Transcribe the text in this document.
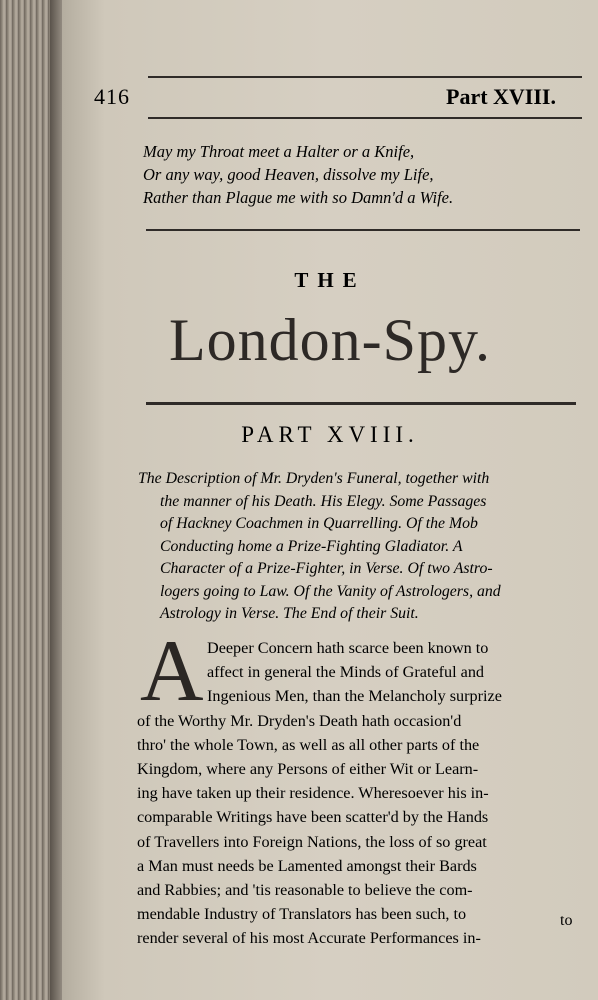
416	Part XVIII.
May my Throat meet a Halter or a Knife,
Or any way, good Heaven, dissolve my Life,
Rather than Plague me with so Damn'd a Wife.
THE
London-Spy.
PART XVIII.
The Description of Mr. Dryden's Funeral, together with
the manner of his Death. His Elegy. Some Passages
of Hackney Coachmen in Quarrelling. Of the Mob
Conducting home a Prize-Fighting Gladiator. A
Character of a Prize-Fighter, in Verse. Of two Astro-
logers going to Law. Of the Vanity of Astrologers, and
Astrology in Verse. The End of their Suit.
A Deeper Concern hath scarce been known to
affect in general the Minds of Grateful and
Ingenious Men, than the Melancholy surprize
of the Worthy Mr. Dryden's Death hath occasion'd
thro' the whole Town, as well as all other parts of the
Kingdom, where any Persons of either Wit or Learn-
ing have taken up their residence. Wheresoever his in-
comparable Writings have been scatter'd by the Hands
of Travellers into Foreign Nations, the loss of so great
a Man must needs be Lamented amongst their Bards
and Rabbies; and 'tis reasonable to believe the com-
mendable Industry of Translators has been such, to
render several of his most Accurate Performances in-
to
